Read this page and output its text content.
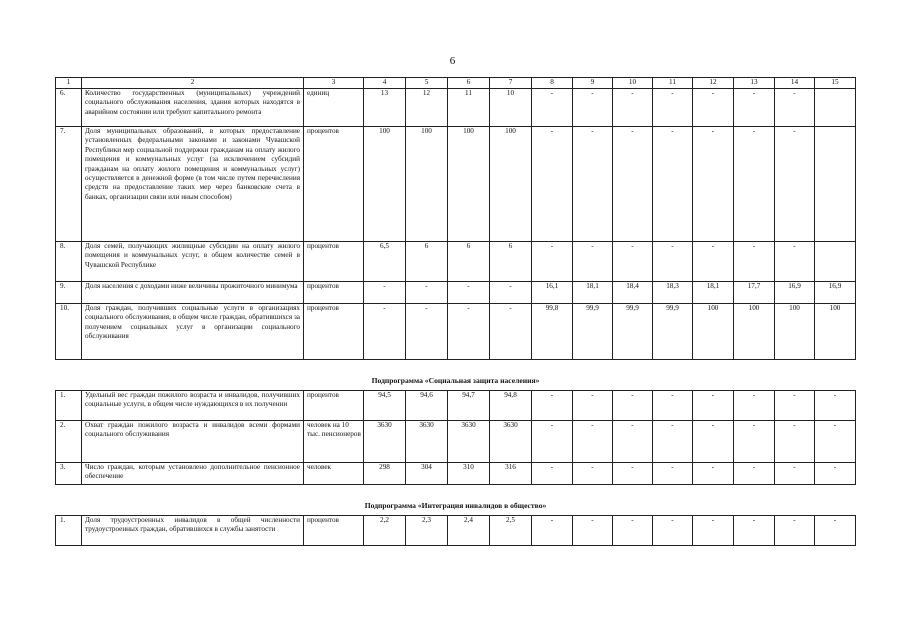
6
1	2	3	4	5	6	7	8	9	10	11	12	13	14	15
6.	Количество государственных (муниципальных) учреждений социального обслуживания населения, здания которых находятся в аварийном состоянии или требуют капитального ремонта	единиц	13	12	11	10	-	-	-	-	-	-	-	
7.	Доля муниципальных образований, в которых предоставление установленных федеральными законами и законами Чувашской Республики мер социальной поддержки гражданам на оплату жилого помещения и коммунальных услуг (за исключением субсидий гражданам на оплату жилого помещения и коммунальных услуг) осуществляется в денежной форме (в том числе путем перечисления средств на предоставление таких мер через банковские счета в банках, организации связи или иным способом)	процентов	100	100	100	100	-	-	-	-	-	-	-	
8.	Доля семей, получающих жилищные субсидии на оплату жилого помещения и коммунальных услуг, в общем количестве семей в Чувашской Республике	процентов	6,5	6	6	6	-	-	-	-	-	-	-	
9.	Доля населения с доходами ниже величины прожиточного минимума	процентов	-	-	-	-	16,1	18,1	18,4	18,3	18,1	17,7	16,9	16,9
10.	Доля граждан, получивших социальные услуги в организациях социального обслуживания, в общем числе граждан, обратившихся за получением социальных услуг в организации социального обслуживания	процентов	-	-	-	-	99,8	99,9	99,9	99,9	100	100	100	100

Подпрограмма «Социальная защита населения»														
1.	Удельный вес граждан пожилого возраста и инвалидов, получивших социальные услуги, в общем числе нуждающихся в их получении	процентов	94,5	94,6	94,7	94,8	-	-	-	-	-	-	-	-
2.	Охват граждан пожилого возраста и инвалидов всеми формами социального обслуживания	человек на 10 тыс. пенсионеров	3630	3630	3630	3630	-	-	-	-	-	-	-	-
3.	Число граждан, которым установлено дополнительное пенсионное обеспечение	человек	298	304	310	316	-	-	-	-	-	-	-	-

Подпрограмма «Интеграция инвалидов в общество»														
1.	Доля трудоустроенных инвалидов в общей численности трудоустроенных граждан, обратившихся в службы занятости	процентов	2,2	2,3	2,4	2,5	-	-	-	-	-	-	-	-
